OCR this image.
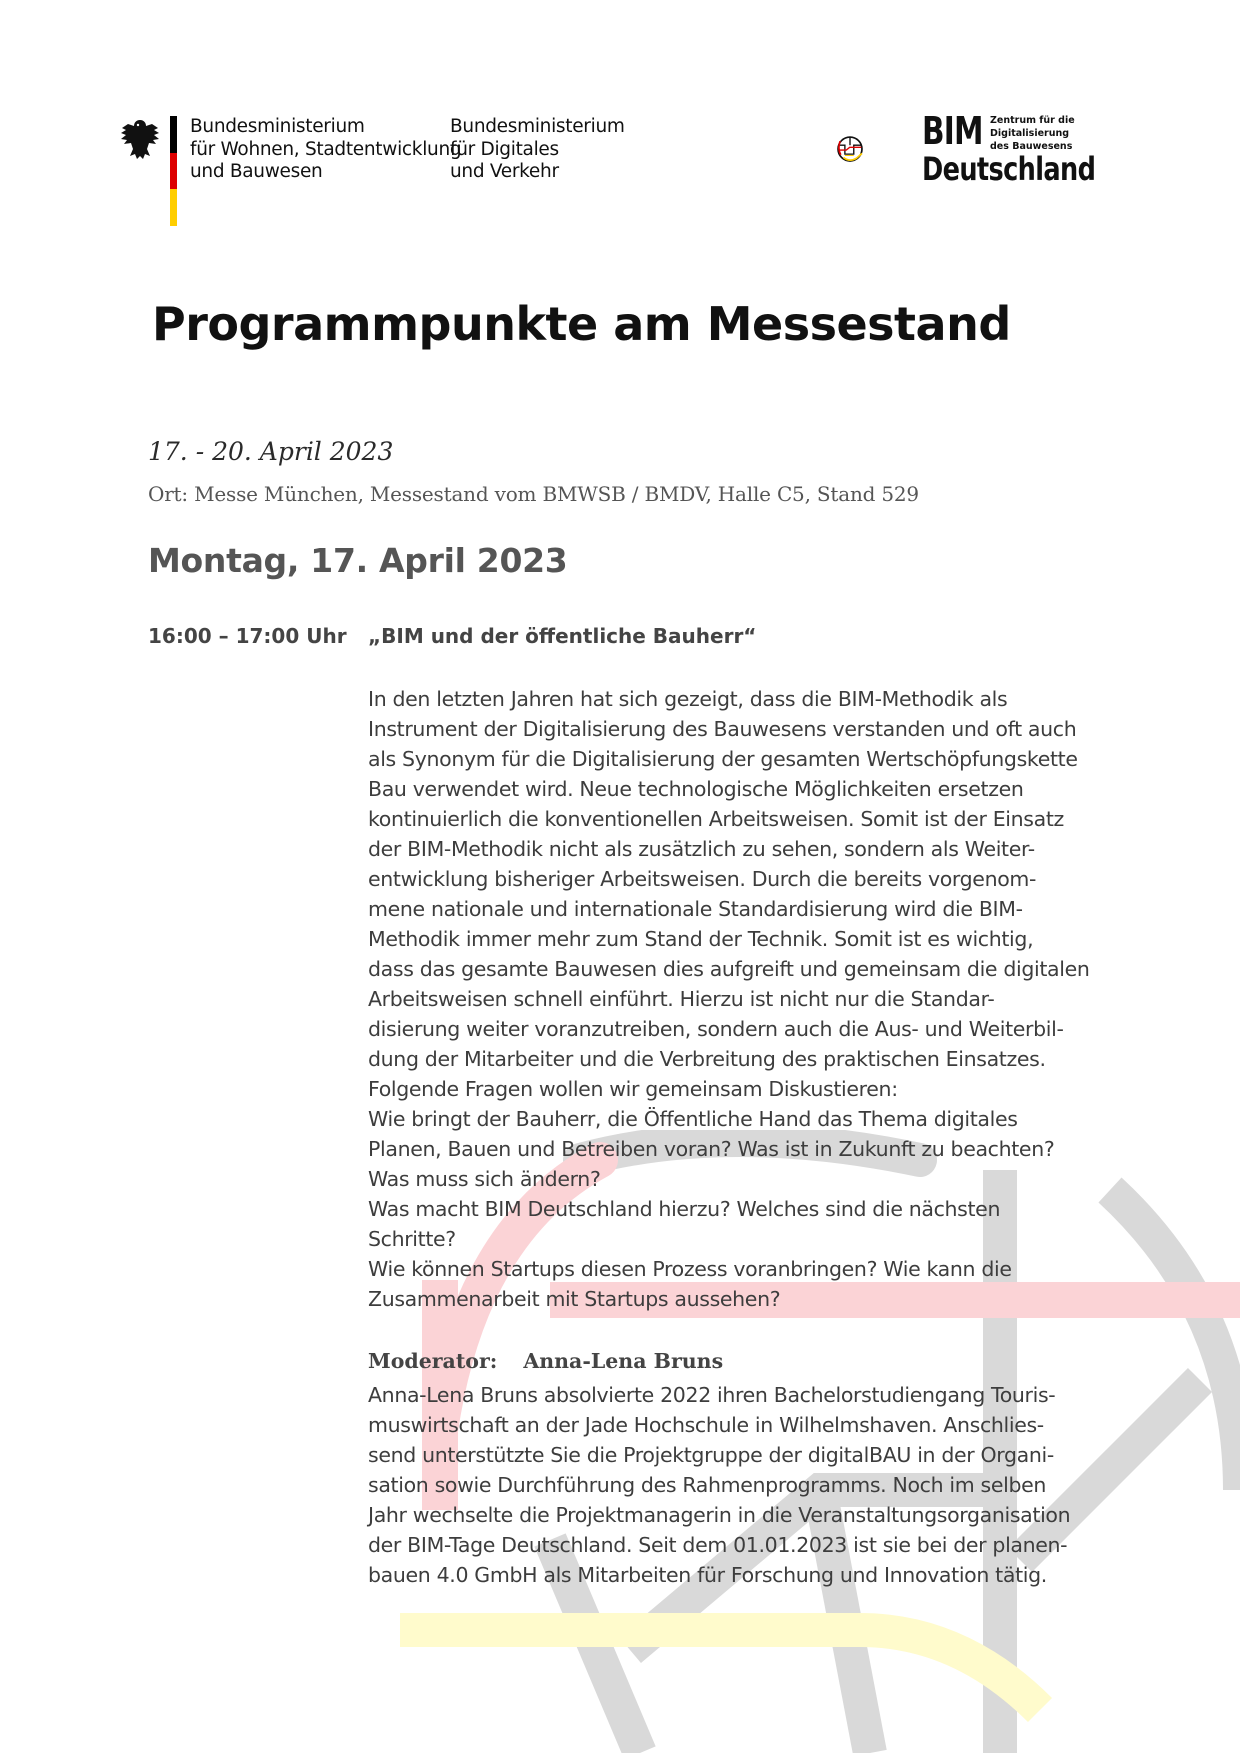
Bundesministerium
für Wohnen, Stadtentwicklung
und Bauwesen
Bundesministerium
für Digitales
und Verkehr
BIM Zentrum für die
Digitalisierung
des Bauwesens
Deutschland
Programmpunkte am Messestand
17. - 20. April 2023
Ort: Messe München, Messestand vom BMWSB / BMDV, Halle C5, Stand 529
Montag, 17. April 2023
16:00 – 17:00 Uhr „BIM und der öffentliche Bauherr“
In den letzten Jahren hat sich gezeigt, dass die BIM-Methodik als
Instrument der Digitalisierung des Bauwesens verstanden und oft auch
als Synonym für die Digitalisierung der gesamten Wertschöpfungskette
Bau verwendet wird. Neue technologische Möglichkeiten ersetzen
kontinuierlich die konventionellen Arbeitsweisen. Somit ist der Einsatz
der BIM-Methodik nicht als zusätzlich zu sehen, sondern als Weiter-
entwicklung bisheriger Arbeitsweisen. Durch die bereits vorgenom-
mene nationale und internationale Standardisierung wird die BIM-
Methodik immer mehr zum Stand der Technik. Somit ist es wichtig,
dass das gesamte Bauwesen dies aufgreift und gemeinsam die digitalen
Arbeitsweisen schnell einführt. Hierzu ist nicht nur die Standar-
disierung weiter voranzutreiben, sondern auch die Aus- und Weiterbil-
dung der Mitarbeiter und die Verbreitung des praktischen Einsatzes.
Folgende Fragen wollen wir gemeinsam Diskustieren:
Wie bringt der Bauherr, die Öffentliche Hand das Thema digitales
Planen, Bauen und Betreiben voran? Was ist in Zukunft zu beachten?
Was muss sich ändern?
Was macht BIM Deutschland hierzu? Welches sind die nächsten
Schritte?
Wie können Startups diesen Prozess voranbringen? Wie kann die
Zusammenarbeit mit Startups aussehen?
Moderator: Anna-Lena Bruns
Anna-Lena Bruns absolvierte 2022 ihren Bachelorstudiengang Touris-
muswirtschaft an der Jade Hochschule in Wilhelmshaven. Anschlies-
send unterstützte Sie die Projektgruppe der digitalBAU in der Organi-
sation sowie Durchführung des Rahmenprogramms. Noch im selben
Jahr wechselte die Projektmanagerin in die Veranstaltungsorganisation
der BIM-Tage Deutschland. Seit dem 01.01.2023 ist sie bei der planen-
bauen 4.0 GmbH als Mitarbeiten für Forschung und Innovation tätig.
